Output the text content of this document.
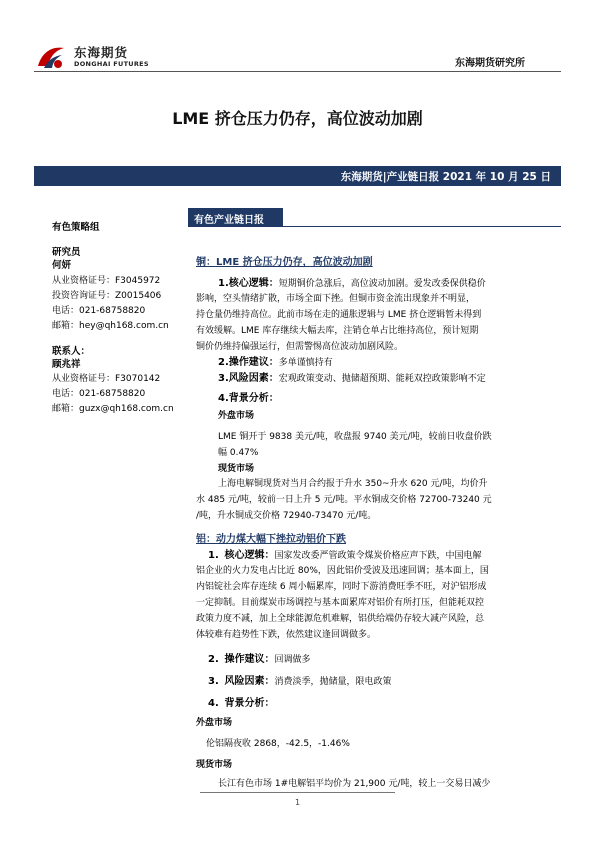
东海期货
DONGHAI FUTURES	东海期货研究所
LME 挤仓压力仍存，高位波动加剧
东海期货|产业链日报 2021 年 10 月 25 日
有色策略组
研究员
何妍
从业资格证号：F3045972
投资咨询证号：Z0015406
电话：021-68758820
邮箱：hey@qh168.com.cn
联系人：
顾兆祥
从业资格证号：F3070142
电话：021-68758820
邮箱：guzx@qh168.com.cn
有色产业链日报
铜：LME 挤仓压力仍存，高位波动加剧
1.核心逻辑：短期铜价急涨后，高位波动加剧。爱发改委保供稳价
影响，空头情绪扩散，市场全面下挫。但铜市资金流出现象并不明显，
持仓量仍维持高位。此前市场在走的通胀逻辑与 LME 挤仓逻辑暂未得到
有效缓解。LME 库存继续大幅去库，注销仓单占比维持高位，预计短期
铜价仍维持偏强运行，但需警惕高位波动加剧风险。
2.操作建议：多单谨慎持有
3.风险因素：宏观政策变动、抛储超预期、能耗双控政策影响不定
4.背景分析：
外盘市场
LME 铜开于 9838 美元/吨，收盘报 9740 美元/吨，较前日收盘价跌
幅 0.47%
现货市场
上海电解铜现货对当月合约报于升水 350~升水 620 元/吨，均价升
水 485 元/吨，较前一日上升 5 元/吨。平水铜成交价格 72700-73240 元
/吨，升水铜成交价格 72940-73470 元/吨。
铝：动力煤大幅下挫拉动铝价下跌
1. 核心逻辑：国家发改委严管政策令煤炭价格应声下跌，中国电解
铝企业的火力发电占比近 80%，因此铝价受波及迅速回调；基本面上，国
内铝锭社会库存连续 6 周小幅累库，同时下游消费旺季不旺，对沪铝形成
一定抑制。目前煤炭市场调控与基本面累库对铝价有所打压，但能耗双控
政策力度不减，加上全球能源危机难解，铝供给端仍存较大减产风险，总
体较难有趋势性下跌，依然建议逢回调做多。
2. 操作建议：回调做多
3. 风险因素：消费淡季，抛储量，限电政策
4. 背景分析：
外盘市场
伦铝隔夜收 2868，-42.5，-1.46%
现货市场
长江有色市场 1#电解铝平均价为 21,900 元/吨，较上一交易日减少
1
